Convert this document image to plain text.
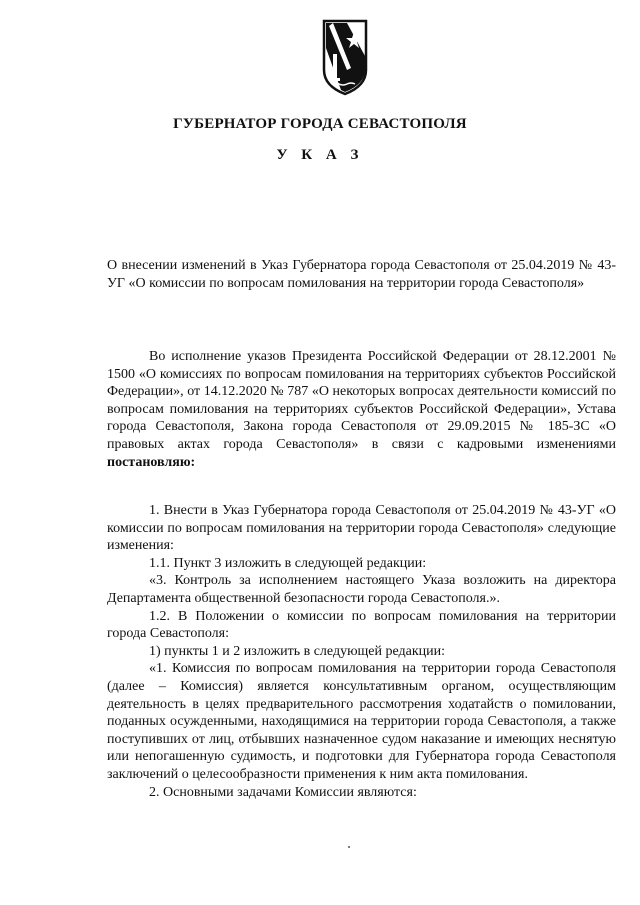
ГУБЕРНАТОР ГОРОДА СЕВАСТОПОЛЯ
У К А З

О внесении изменений в Указ Губернатора города Севастополя от 25.04.2019 № 43-УГ «О комиссии по вопросам помилования на территории города Севастополя»

Во исполнение указов Президента Российской Федерации от 28.12.2001 № 1500 «О комиссиях по вопросам помилования на территориях субъектов Российской Федерации», от 14.12.2020 № 787 «О некоторых вопросах деятельности комиссий по вопросам помилования на территориях субъектов Российской Федерации», Устава города Севастополя, Закона города Севастополя от 29.09.2015 № 185-ЗС «О правовых актах города Севастополя» в связи с кадровыми изменениями постановляю:

1. Внести в Указ Губернатора города Севастополя от 25.04.2019 № 43-УГ «О комиссии по вопросам помилования на территории города Севастополя» следующие изменения:

1.1. Пункт 3 изложить в следующей редакции:

«3. Контроль за исполнением настоящего Указа возложить на директора Департамента общественной безопасности города Севастополя.».

1.2. В Положении о комиссии по вопросам помилования на территории города Севастополя:

1) пункты 1 и 2 изложить в следующей редакции:

«1. Комиссия по вопросам помилования на территории города Севастополя (далее – Комиссия) является консультативным органом, осуществляющим деятельность в целях предварительного рассмотрения ходатайств о помиловании, поданных осужденными, находящимися на территории города Севастополя, а также поступивших от лиц, отбывших назначенное судом наказание и имеющих неснятую или непогашенную судимость, и подготовки для Губернатора города Севастополя заключений о целесообразности применения к ним акта помилования.

2. Основными задачами Комиссии являются:
